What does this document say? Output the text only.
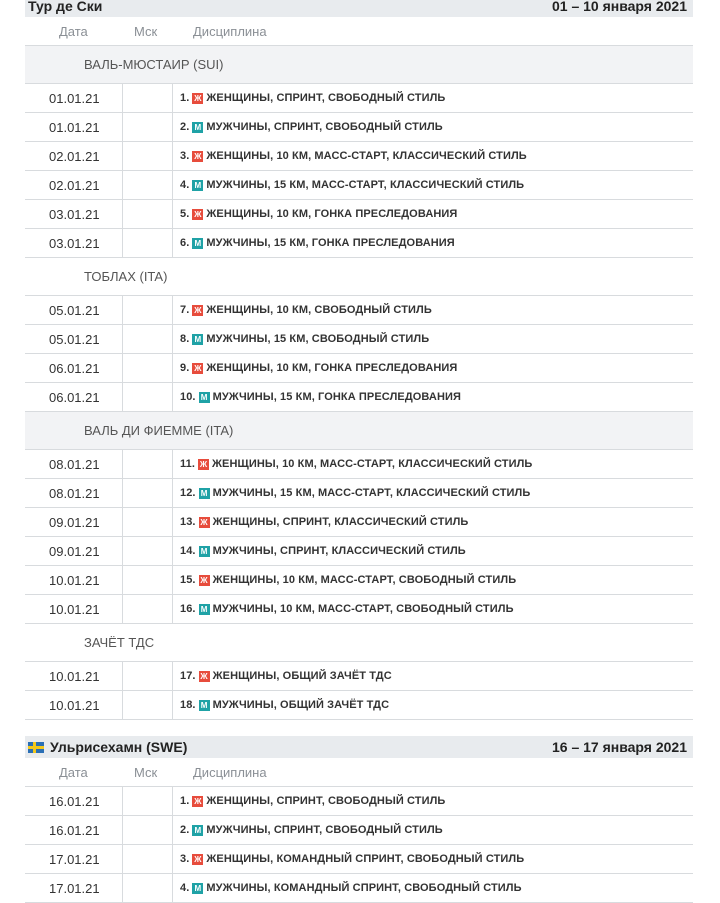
Тур де Ски	01 – 10 января 2021
Дата	Мск	Дисциплина
ВАЛЬ-МЮСТАИР (SUI)
01.01.21	1. Ж ЖЕНЩИНЫ, СПРИНТ, СВОБОДНЫЙ СТИЛЬ
01.01.21	2. М МУЖЧИНЫ, СПРИНТ, СВОБОДНЫЙ СТИЛЬ
02.01.21	3. Ж ЖЕНЩИНЫ, 10 КМ, МАСС-СТАРТ, КЛАССИЧЕСКИЙ СТИЛЬ
02.01.21	4. М МУЖЧИНЫ, 15 КМ, МАСС-СТАРТ, КЛАССИЧЕСКИЙ СТИЛЬ
03.01.21	5. Ж ЖЕНЩИНЫ, 10 КМ, ГОНКА ПРЕСЛЕДОВАНИЯ
03.01.21	6. М МУЖЧИНЫ, 15 КМ, ГОНКА ПРЕСЛЕДОВАНИЯ
ТОБЛАХ (ITA)
05.01.21	7. Ж ЖЕНЩИНЫ, 10 КМ, СВОБОДНЫЙ СТИЛЬ
05.01.21	8. М МУЖЧИНЫ, 15 КМ, СВОБОДНЫЙ СТИЛЬ
06.01.21	9. Ж ЖЕНЩИНЫ, 10 КМ, ГОНКА ПРЕСЛЕДОВАНИЯ
06.01.21	10. М МУЖЧИНЫ, 15 КМ, ГОНКА ПРЕСЛЕДОВАНИЯ
ВАЛЬ ДИ ФИЕММЕ (ITA)
08.01.21	11. Ж ЖЕНЩИНЫ, 10 КМ, МАСС-СТАРТ, КЛАССИЧЕСКИЙ СТИЛЬ
08.01.21	12. М МУЖЧИНЫ, 15 КМ, МАСС-СТАРТ, КЛАССИЧЕСКИЙ СТИЛЬ
09.01.21	13. Ж ЖЕНЩИНЫ, СПРИНТ, КЛАССИЧЕСКИЙ СТИЛЬ
09.01.21	14. М МУЖЧИНЫ, СПРИНТ, КЛАССИЧЕСКИЙ СТИЛЬ
10.01.21	15. Ж ЖЕНЩИНЫ, 10 КМ, МАСС-СТАРТ, СВОБОДНЫЙ СТИЛЬ
10.01.21	16. М МУЖЧИНЫ, 10 КМ, МАСС-СТАРТ, СВОБОДНЫЙ СТИЛЬ
ЗАЧЁТ ТДС
10.01.21	17. Ж ЖЕНЩИНЫ, ОБЩИЙ ЗАЧЁТ ТДС
10.01.21	18. М МУЖЧИНЫ, ОБЩИЙ ЗАЧЁТ ТДС
Ульрисехамн (SWE)	16 – 17 января 2021
Дата	Мск	Дисциплина
16.01.21	1. Ж ЖЕНЩИНЫ, СПРИНТ, СВОБОДНЫЙ СТИЛЬ
16.01.21	2. М МУЖЧИНЫ, СПРИНТ, СВОБОДНЫЙ СТИЛЬ
17.01.21	3. Ж ЖЕНЩИНЫ, КОМАНДНЫЙ СПРИНТ, СВОБОДНЫЙ СТИЛЬ
17.01.21	4. М МУЖЧИНЫ, КОМАНДНЫЙ СПРИНТ, СВОБОДНЫЙ СТИЛЬ
